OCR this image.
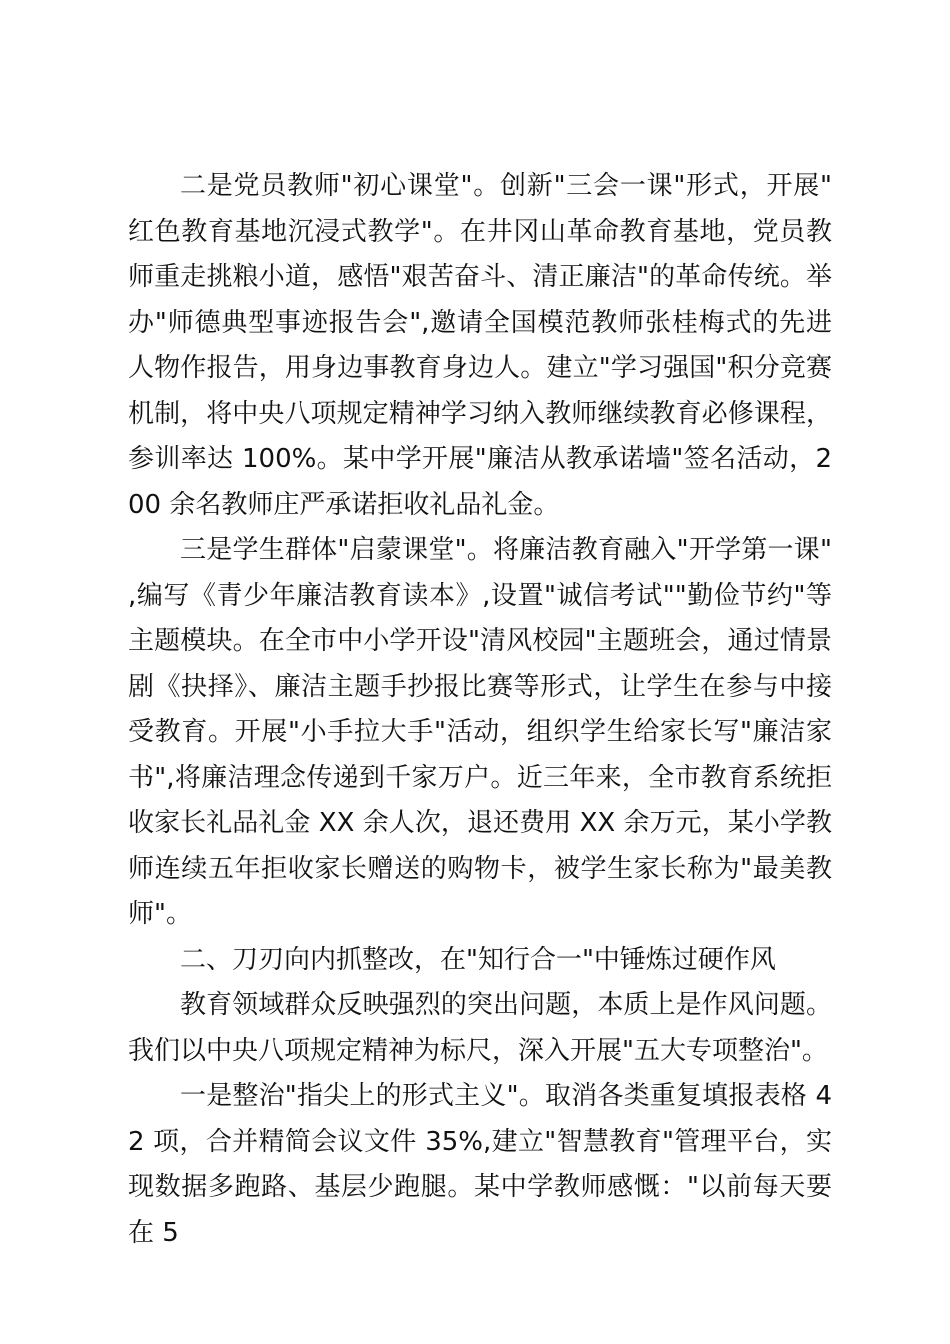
二是党员教师"初心课堂"。创新"三会一课"形式，开展"红色教育基地沉浸式教学"。在井冈山革命教育基地，党员教师重走挑粮小道，感悟"艰苦奋斗、清正廉洁"的革命传统。举办"师德典型事迹报告会",邀请全国模范教师张桂梅式的先进人物作报告，用身边事教育身边人。建立"学习强国"积分竞赛机制，将中央八项规定精神学习纳入教师继续教育必修课程，参训率达 100%。某中学开展"廉洁从教承诺墙"签名活动，200 余名教师庄严承诺拒收礼品礼金。

三是学生群体"启蒙课堂"。将廉洁教育融入"开学第一课",编写《青少年廉洁教育读本》,设置"诚信考试""勤俭节约"等主题模块。在全市中小学开设"清风校园"主题班会，通过情景剧《抉择》、廉洁主题手抄报比赛等形式，让学生在参与中接受教育。开展"小手拉大手"活动，组织学生给家长写"廉洁家书",将廉洁理念传递到千家万户。近三年来，全市教育系统拒收家长礼品礼金 XX 余人次，退还费用 XX 余万元，某小学教师连续五年拒收家长赠送的购物卡，被学生家长称为"最美教师"。

二、刀刃向内抓整改，在"知行合一"中锤炼过硬作风

教育领域群众反映强烈的突出问题，本质上是作风问题。我们以中央八项规定精神为标尺，深入开展"五大专项整治"。

一是整治"指尖上的形式主义"。取消各类重复填报表格 42 项，合并精简会议文件 35%,建立"智慧教育"管理平台，实现数据多跑路、基层少跑腿。某中学教师感慨："以前每天要在 5
